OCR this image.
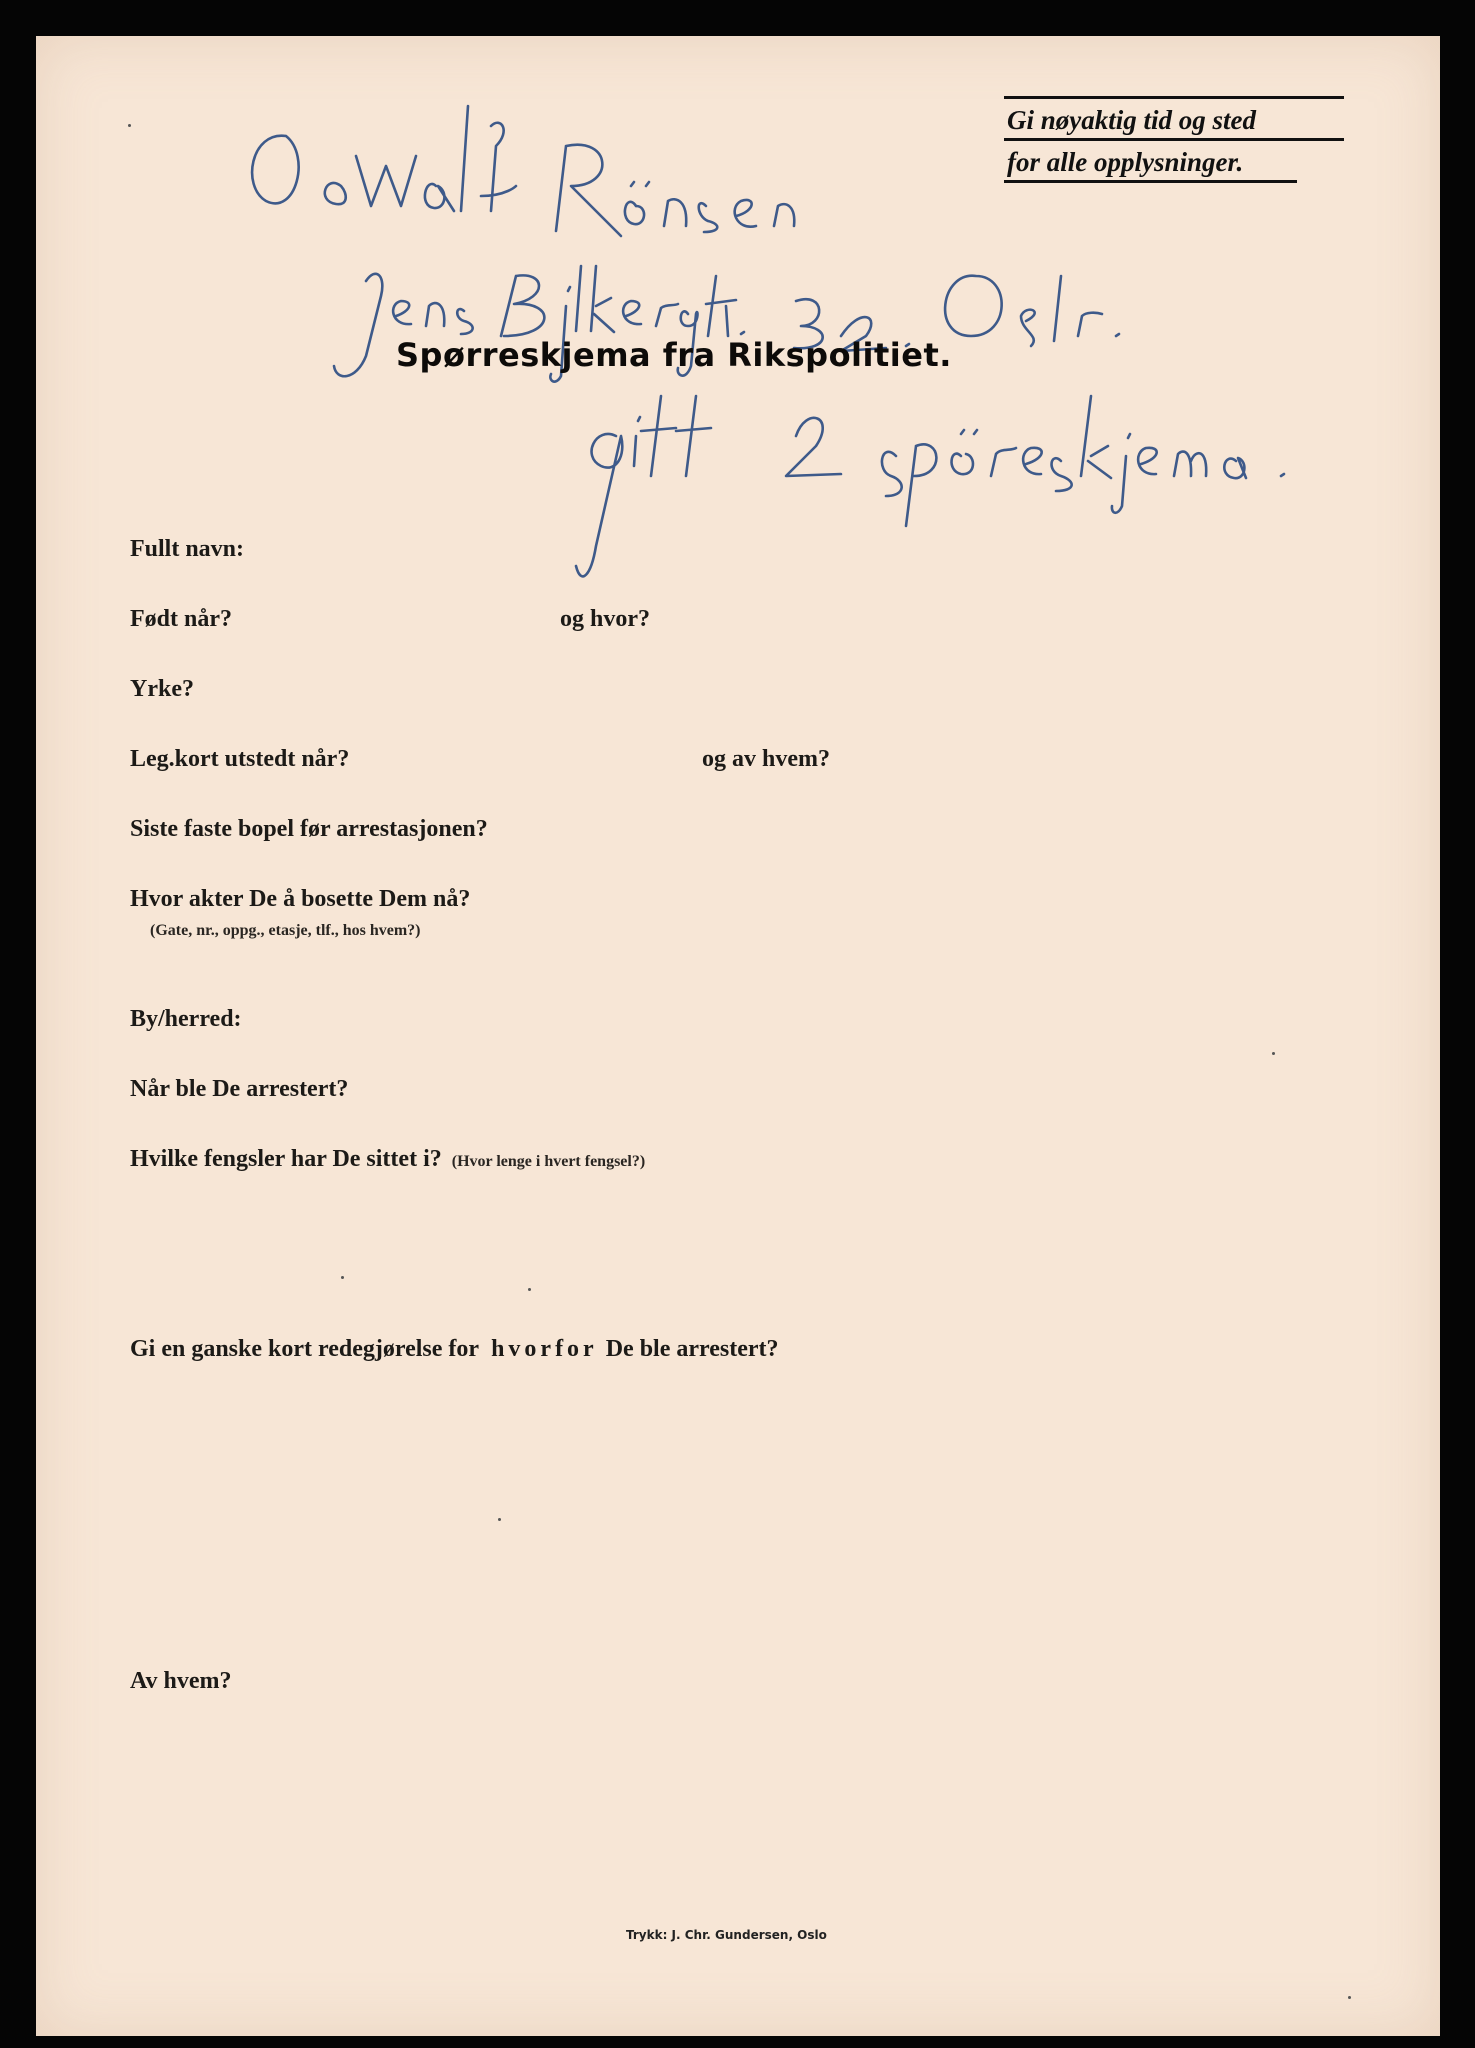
Gi nøyaktig tid og sted
for alle opplysninger.
Spørreskjema fra Rikspolitiet.
Fullt navn:
Født når?	og hvor?
Yrke?
Leg.kort utstedt når?	og av hvem?
Siste faste bopel før arrestasjonen?
Hvor akter De å bosette Dem nå?
(Gate, nr., oppg., etasje, tlf., hos hvem?)
By/herred:
Når ble De arrestert?
Hvilke fengsler har De sittet i? (Hvor lenge i hvert fengsel?)
Gi en ganske kort redegjørelse for hvorfor De ble arrestert?
Av hvem?
Trykk: J. Chr. Gundersen, Oslo
